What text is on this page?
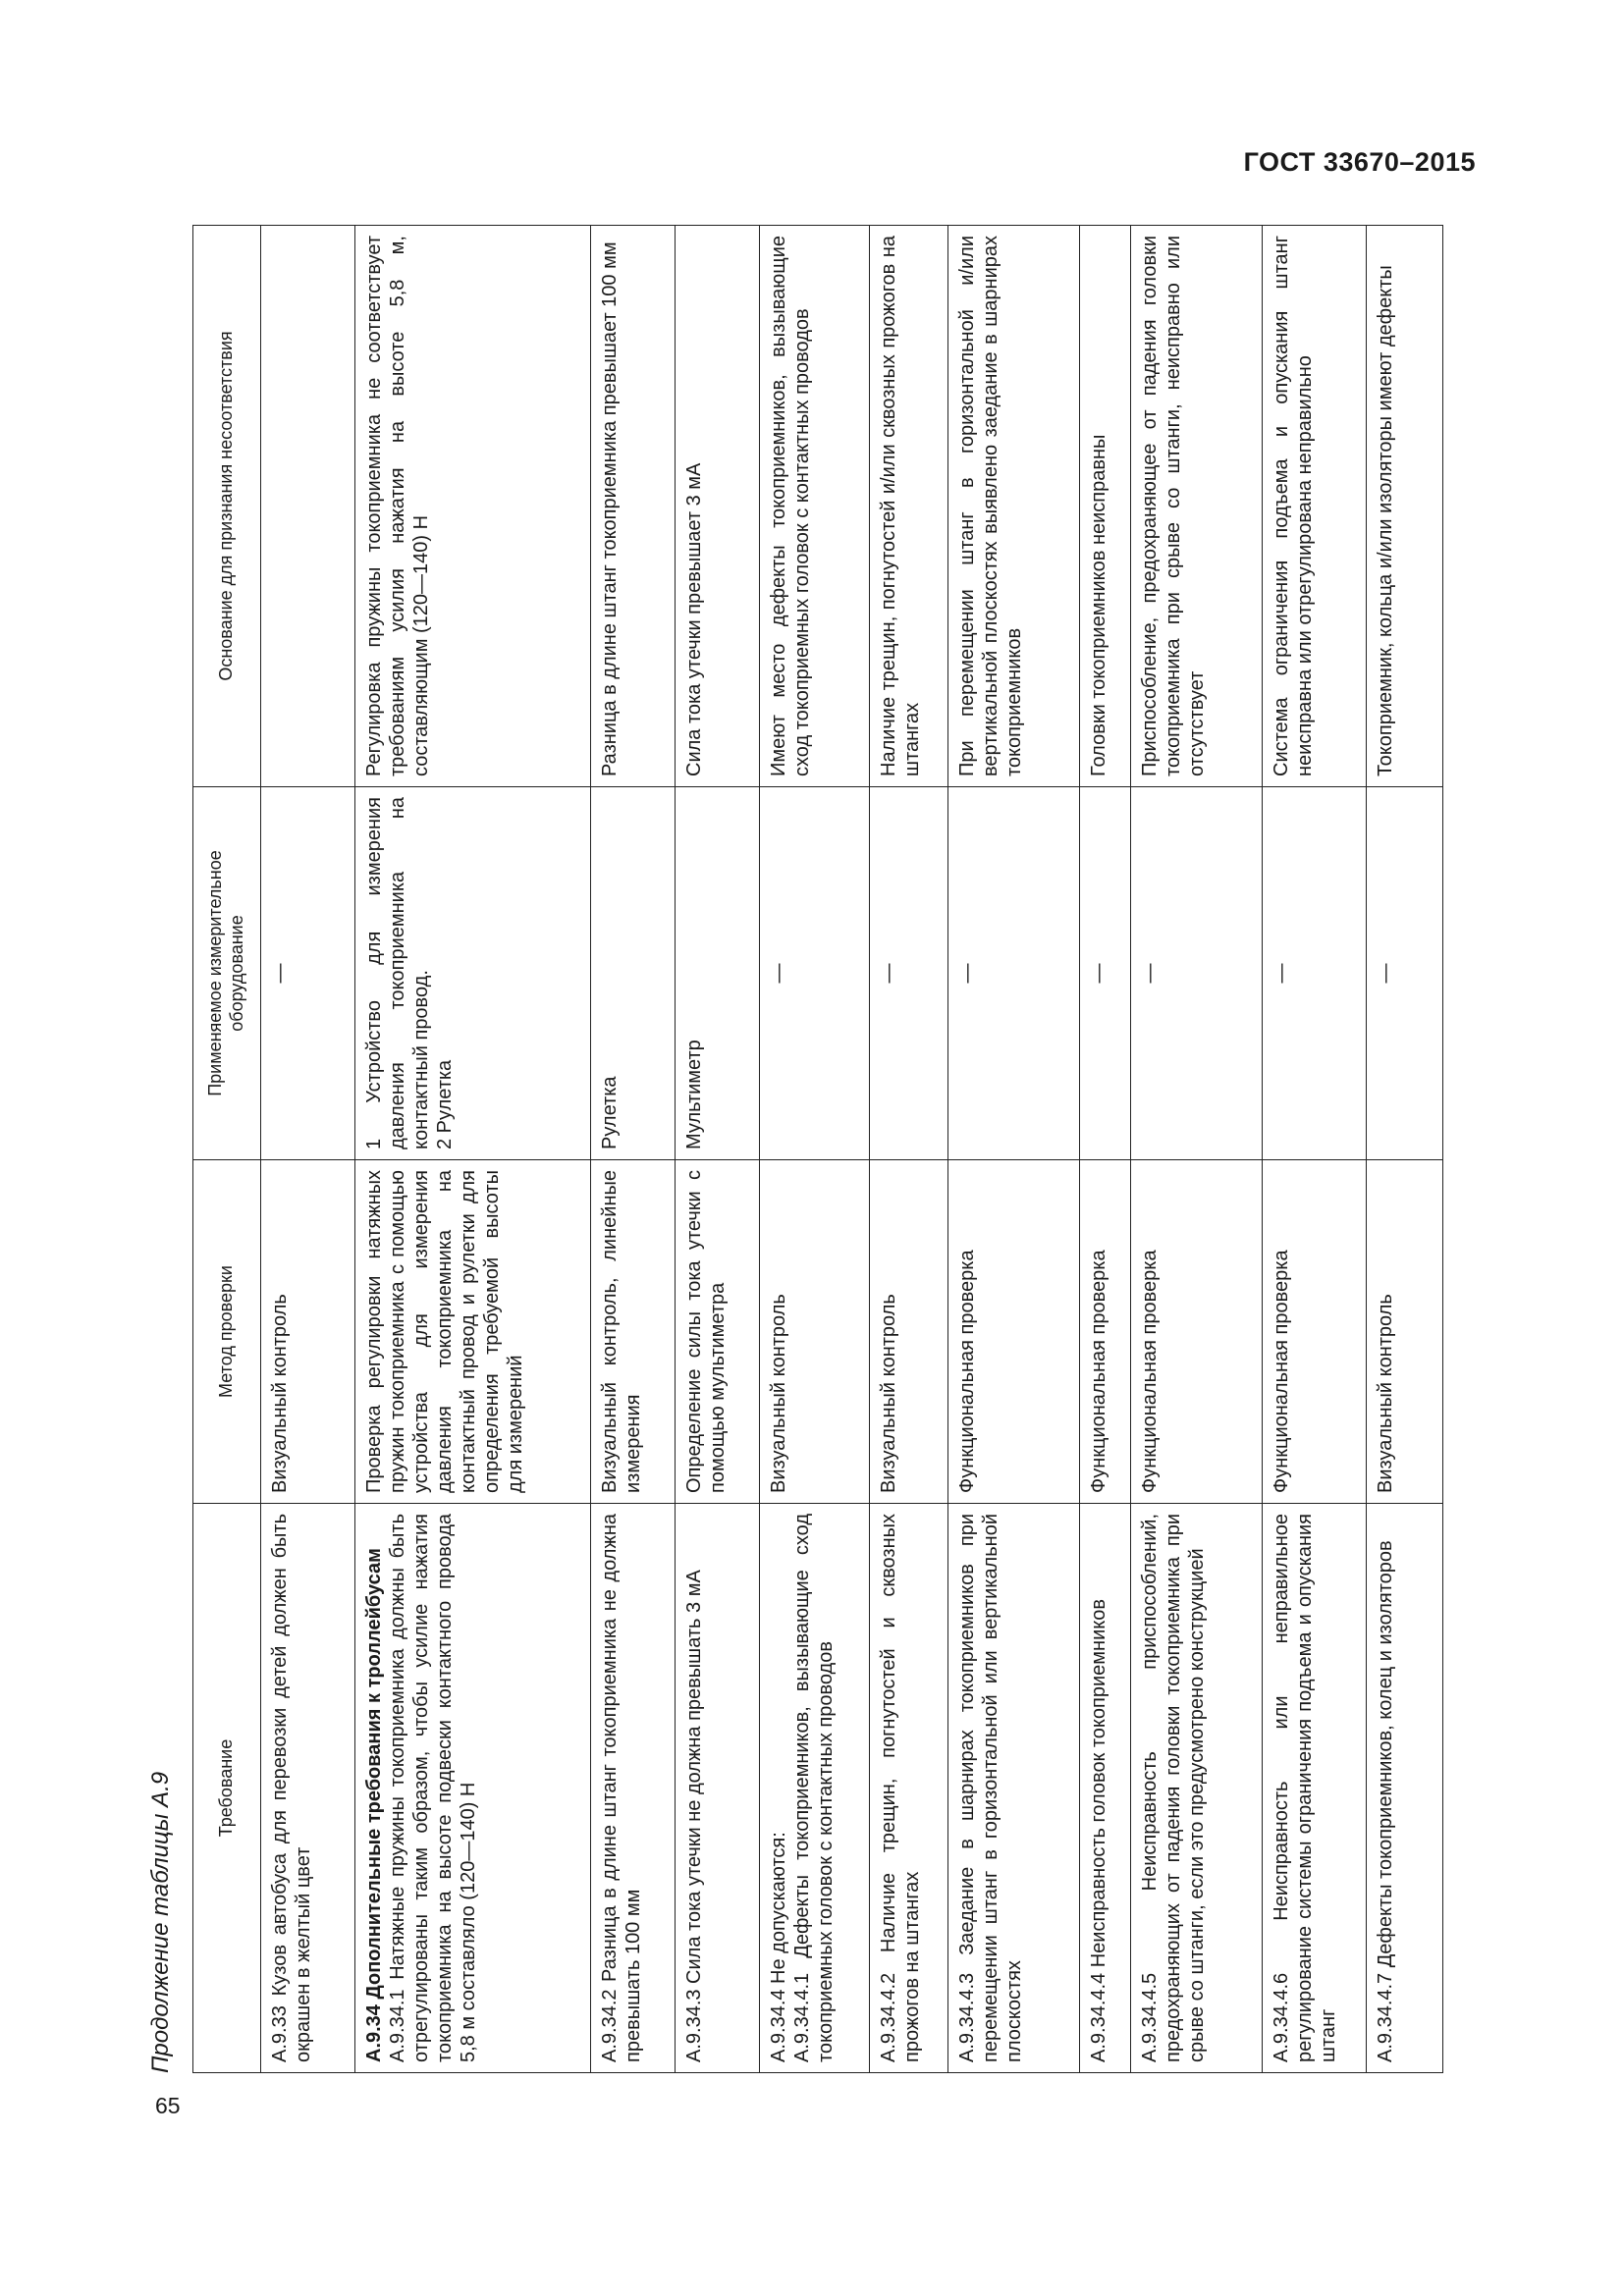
ГОСТ 33670–2015
Продолжение таблицы А.9 Требование	Метод проверки	Применяемое измерительное оборудование	Основание для признания несоответствия
А.9.33 Кузов автобуса для перевозки детей должен быть окрашен в желтый цвет	Визуальный контроль	—	

А.9.34 Дополнительные требования к троллейбусам А.9.34.1 Натяжные пружины токоприемника должны быть отрегулированы таким образом, чтобы усилие нажатия токоприемника на высоте подвески контактного провода 5,8 м составляло (120—140) Н	Проверка регулировки натяжных пружин токоприемника с помощью устройства для измерения давления токоприемника на контактный провод и рулетки для определения требуемой высоты для измерений	1 Устройство для измерения давления токоприемника на контактный провод. 2 Рулетка	Регулировка пружины токоприемника не соответствует требованиям усилия нажатия на высоте 5,8 м, составляющим (120—140) Н
А.9.34.2 Разница в длине штанг токоприемника не должна превышать 100 мм	Визуальный контроль, линейные измерения	Рулетка	Разница в длине штанг токоприемника превышает 100 мм
А.9.34.3 Сила тока утечки не должна превышать 3 мА	Определение силы тока утечки с помощью мультиметра	Мультиметр	Сила тока утечки превышает 3 мА

А.9.34.4 Не допускаются: А.9.34.4.1 Дефекты токоприемников, вызывающие сход токоприемных головок с контактных проводов	Визуальный контроль	—	Имеют место дефекты токоприемников, вызывающие сход токоприемных головок с контактных проводов
А.9.34.4.2 Наличие трещин, погнутостей и сквозных прожогов на штангах	Визуальный контроль	—	Наличие трещин, погнутостей и/или сквозных прожогов на штангах
А.9.34.4.3 Заедание в шарнирах токоприемников при перемещении штанг в горизонтальной или вертикальной плоскостях	Функциональная проверка	—	При перемещении штанг в горизонтальной и/или вертикальной плоскостях выявлено заедание в шарнирах токоприемников
А.9.34.4.4 Неисправность головок токоприемников	Функциональная проверка	—	Головки токоприемников неисправны
А.9.34.4.5 Неисправность приспособлений, предохраняющих от падения головки токоприемника при срыве со штанги, если это предусмотрено конструкцией	Функциональная проверка	—	Приспособление, предохраняющее от падения головки токоприемника при срыве со штанги, неисправно или отсутствует
А.9.34.4.6 Неисправность или неправильное регулирование системы ограничения подъема и опускания штанг	Функциональная проверка	—	Система ограничения подъема и опускания штанг неисправна или отрегулирована неправильно
А.9.34.4.7 Дефекты токоприемников, колец и изоляторов	Визуальный контроль	—	Токоприемник, кольца и/или изоляторы имеют дефекты
65
